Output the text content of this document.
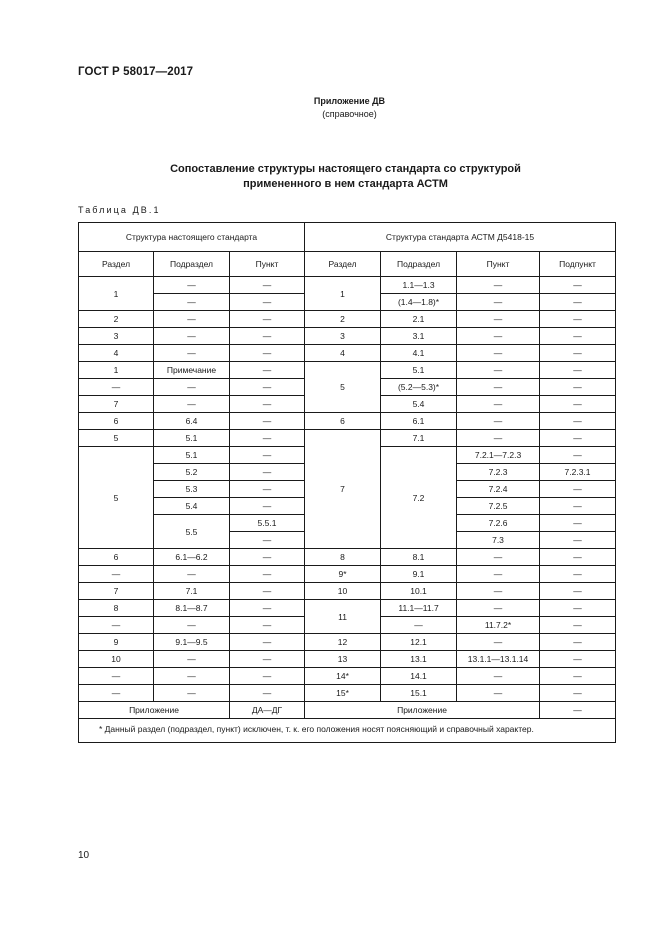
ГОСТ Р 58017—2017
Приложение ДВ
(справочное)
Сопоставление структуры настоящего стандарта со структурой
примененного в нем стандарта АСТМ
Таблица ДВ.1
Структура настоящего стандарта			Структура стандарта АСТМ Д5418-15			
Раздел	Подраздел	Пункт	Раздел	Подраздел	Пункт	Подпункт
1	—	—	1	1.1—1.3	—	—
	—	—		(1.4—1.8)*	—	—
2	—	—	2	2.1	—	—
3	—	—	3	3.1	—	—
4	—	—	4	4.1	—	—
1	Примечание	—	5	5.1	—	—
—	—	—		(5.2—5.3)*	—	—
7	—	—		5.4	—	—
6	6.4	—	6	6.1	—	—
5	5.1	—	7	7.1	—	—
5	5.1	—		7.2	7.2.1—7.2.3	—
	5.2	—			7.2.3	7.2.3.1
	5.3	—			7.2.4	—
	5.4	—			7.2.5	—
	5.5	5.5.1			7.2.6	—
		—			7.3	—
6	6.1—6.2	—	8	8.1	—	—
—	—	—	9*	9.1	—	—
7	7.1	—	10	10.1	—	—
8	8.1—8.7	—	11	11.1—11.7	—	—
—	—	—		—	11.7.2*	—
9	9.1—9.5	—	12	12.1	—	—
10	—	—	13	13.1	13.1.1—13.1.14	—
—	—	—	14*	14.1	—	—
—	—	—	15*	15.1	—	—
Приложение		ДА—ДГ	Приложение			—
* Данный раздел (подраздел, пункт) исключен, т. к. его положения носят поясняющий и справочный характер.						
10
